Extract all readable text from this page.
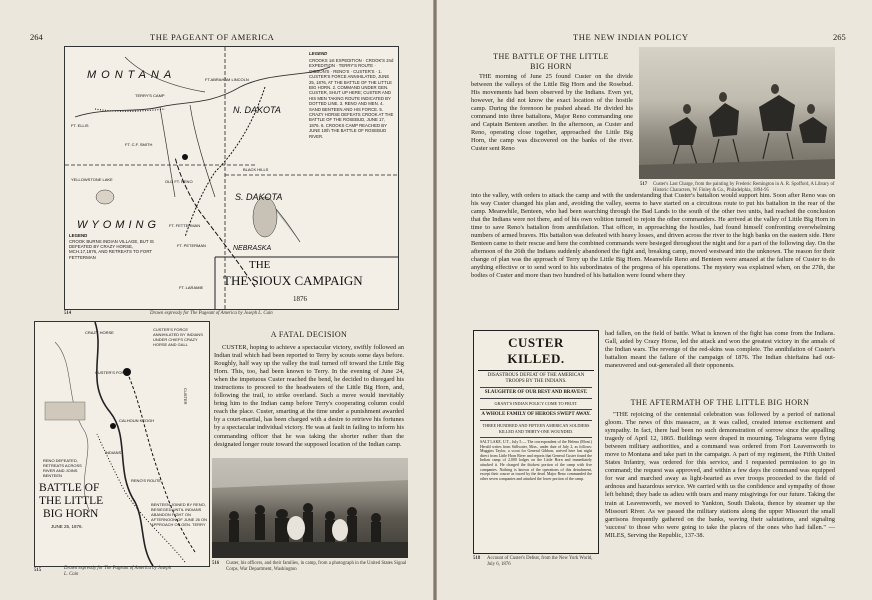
264	THE PAGEANT OF AMERICA
MONTANA
N. DAKOTA
S. DAKOTA
WYOMING
NEBRASKA
TERRY'S CAMP
FT.ABRAHAM LINCOLN
FT. ELLIS
FT. C.F. SMITH
YELLOWSTONE LAKE	OLD FT. RENO
FT. FETTERMAN
FT. LARAMIE
BLACK HILLS
FT. PETERMAN
LEGEND
CROOK BURNS INDIAN VILLAGE, BUT IS DEFEATED BY CRAZY HORSE, MCH.17,1876, AND RETREATS TO FORT FETTERMAN
LEGEND
CROOKS 1st EXPEDITION · CROOK'S 2nd EXPEDITION · TERRY'S ROUTE · GIBBON'S · RENO'S · CUSTER'S · 1. CUSTER'S FORCE ANNIHILATED, JUNE 25, 1876, AT THE BATTLE OF THE LITTLE BIG HORN. 2. COMMAND UNDER GEN. CUSTER, SHUT UP HERE; CUSTER AND HIS MEN TAKING ROUTE INDICATED BY DOTTED LINE. 3. RENO AND MEN. 4. SAND BENTEEN AND HIS FORCE. 5. CRAZY HORSE DEFEATS CROOK AT THE BATTLE OF THE ROSEBUD, JUNE 17, 1876. 6. CROOKS CAMP REACHED BY JUNE 10th THE BATTLE OF ROSEBUD RIVER.
THE
THE SIOUX CAMPAIGN
1876
514	Drawn expressly for The Pageant of America by Joseph L. Cain
CRAZY HORSE
CUSTER'S FORCE
CALHOUN KEOGH
RENO DEFEATED, RETREATS ACROSS RIVER AND JOINS BENTEEN
CUSTER
INDIANS
RENO'S ROUTE
CUSTER'S FORCE ANNIHILATED BY INDIANS UNDER CHIEFS CRAZY HORSE AND GALL
BENTEEN JOINED BY RENO, BESIEGED UNTIL INDIANS ABANDON FIGHT ON AFTERNOON OF JUNE 26 ON APPROACH OF GEN. TERRY
BATTLE OF
THE LITTLE
BIG HORN
JUNE 25, 1876.
515	Drawn expressly for The Pageant of America by Joseph L. Cain
A FATAL DECISION

CUSTER, hoping to achieve a spectacular victory, swiftly followed an Indian trail which had been reported to Terry by scouts some days before. Roughly, half way up the valley the trail turned off toward the Little Big Horn. This, too, had been known to Terry. In the evening of June 24, when the impetuous Custer reached the bend, he decided to disregard his instructions to proceed to the headwaters of the Little Big Horn, and, following the trail, to strike overland. Such a move would inevitably bring him to the Indian camp before Terry's cooperating column could reach the place. Custer, smarting at the time under a punishment awarded by a court-martial, has been charged with a desire to retrieve his fortunes by a spectacular individual victory. He was at fault in failing to inform his commanding officer that he was taking the shorter rather than the designated longer route toward the supposed location of the Indian camp.

516 Custer, his officers, and their families, in camp, from a photograph in the United States Signal Corps, War Department, Washington
THE NEW INDIAN POLICY	265
THE BATTLE OF THE LITTLE
BIG HORN

THE morning of June 25 found Custer on the divide between the valleys of the Little Big Horn and the Rosebud. His movements had been observed by the Indians. Even yet, however, he did not know the exact location of the hostile camp. During the forenoon he pushed ahead. He divided his command into three battalions, Major Reno commanding one and Captain Benteen another. In the afternoon, as Custer and Reno, operating close together, approached the Little Big Horn, the camp was discovered on the banks of the river. Custer sent Reno

517 Custer's Last Charge, from the painting by Frederic Remington in A. R. Spofford, A Library of Historic Characters, W. Finley & Co., Philadelphia, 1894-95

into the valley, with orders to attack the camp and with the understanding that Custer's battalion would support him. Soon after Reno was on his way Custer changed his plan and, avoiding the valley, seems to have started on a circuitous route to put his battalion in the rear of the camp. Meanwhile, Benteen, who had been searching through the Bad Lands to the south of the other two units, had reached the conclusion that the Indians were not there, and of his own volition turned to rejoin the other commanders. He arrived at the valley of Little Big Horn in time to save Reno's battalion from annihilation. That officer, in approaching the hostiles, had found himself confronting overwhelming numbers of armed braves. His battalion was defeated with heavy losses, and driven across the river to the high banks on the eastern side. Here Benteen came to their rescue and here the combined commands were besieged throughout the night and for a part of the following day. On the afternoon of the 26th the Indians suddenly abandoned the fight and, breaking camp, moved westward into the unknown. The reason for their change of plan was the approach of Terry up the Little Big Horn. Meanwhile Reno and Benteen were amazed at the failure of Custer to do anything effective or to send word to his subordinates of the progress of his operations. The mystery was explained when, on the 27th, the bodies of Custer and more than two hundred of his battalion were found where they

CUSTER KILLED.
DISASTROUS DEFEAT OF THE AMERICAN TROOPS BY THE INDIANS.
SLAUGHTER OF OUR BEST AND BRAVEST.
GRANT'S INDIAN POLICY COME TO FRUIT.
A WHOLE FAMILY OF HEROES SWEPT AWAY.
THREE HUNDRED AND FIFTEEN AMERICAN SOLDIERS KILLED AND THIRTY-ONE WOUNDED.
SALT LAKE, U.T., July 5.— The correspondent of the Helena (Mont.) Herald writes from Stillwater, Mon., under date of July 2, as follows: Muggins Taylor, a scout for General Gibbon, arrived here last night direct from Little Horn River and reports that General Custer found the Indian camp of 2,000 lodges on the Little Horn and immediately attacked it. He charged the thickest portion of the camp with five companies. Nothing is known of the operations of this detachment, except their course as traced by the dead. Major Reno commanded the other seven companies and attacked the lower portion of the camp.
518 Account of Custer's Defeat, from the New York World, July 6, 1876

had fallen, on the field of battle. What is known of the fight has come from the Indians. Gall, aided by Crazy Horse, led the attack and won the greatest victory in the annals of the Indian wars. The revenge of the red-skins was complete. The annihilation of Custer's battalion meant the failure of the campaign of 1876. The Indian chieftains had out-maneuvered and out-generaled all their opponents.

THE AFTERMATH OF THE LITTLE BIG HORN

"THE rejoicing of the centennial celebration was followed by a period of national gloom. The news of this massacre, as it was called, created intense excitement and sympathy. In fact, there had been no such demonstration of sorrow since the appalling tragedy of April 12, 1865. Buildings were draped in mourning. Telegrams were flying between military authorities, and a command was ordered from Fort Leavenworth to move to Montana and take part in the campaign. A part of my regiment, the Fifth United States Infantry, was ordered for this service, and I requested permission to go in command; the request was approved, and within a few days the command was equipped for war and marched away as light-hearted as ever troops proceeded to the field of ardnous and hazardous service. We carried with us the confidence and sympathy of those left behind; they bade us adieu with tears and many misgivings for our future. Taking the train at Leavenworth, we moved to Yankton, South Dakota, thence by steamer up the Missouri River. As we passed the military stations along the upper Missouri the small garrisons frequently gathered on the banks, waving their salutations, and signaling 'success' to those who were going to take the places of the ones who had fallen." — MILES, Serving the Republic, 137-38.
